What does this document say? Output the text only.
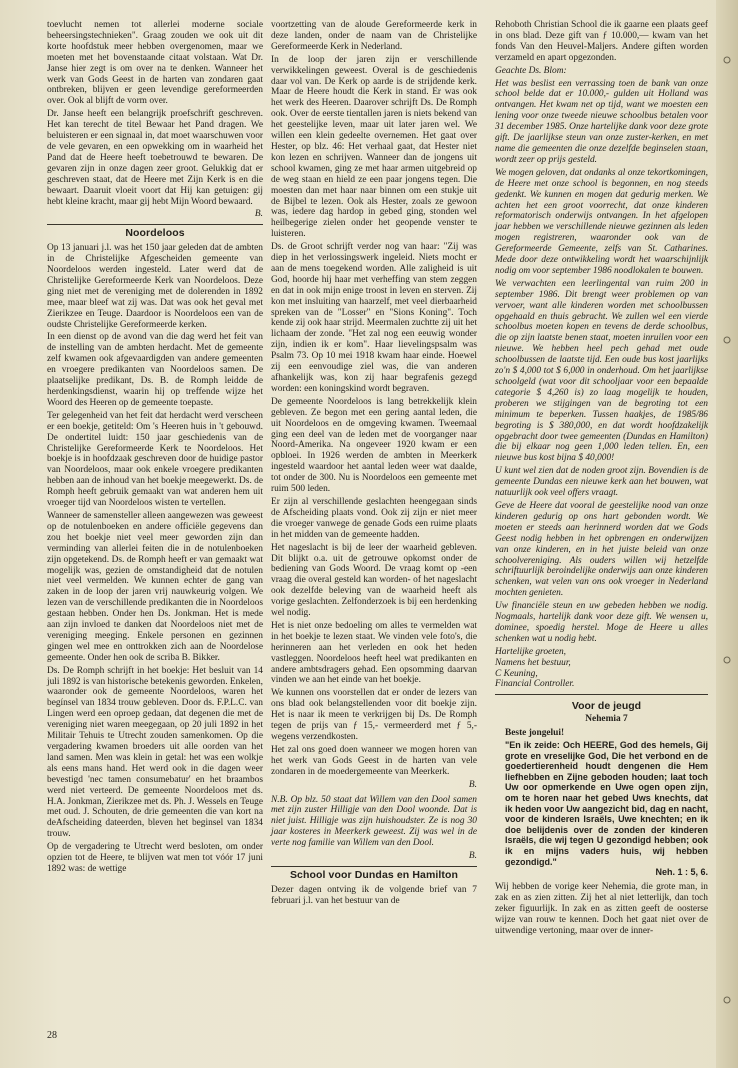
toevlucht nemen tot allerlei moderne sociale beheersingstechnieken". Graag zouden we ook uit dit korte hoofdstuk meer hebben overgenomen, maar we moeten met het bovenstaande citaat volstaan. Wat Dr. Janse hier zegt is om over na te denken. Wanneer het werk van Gods Geest in de harten van zondaren gaat ontbreken, blijven er geen levendige gereformeerden over. Ook al blijft de vorm over.

Dr. Janse heeft een belangrijk proefschrift geschreven. Het kan terecht de titel Bewaar het Pand dragen. We beluisteren er een signaal in, dat moet waarschuwen voor de vele gevaren, en een opwekking om in waarheid het Pand dat de Heere heeft toebetrouwd te bewaren. De gevaren zijn in onze dagen zeer groot. Gelukkig dat er geschreven staat, dat de Heere met Zijn Kerk is en die bewaart. Daaruit vloeit voort dat Hij kan getuigen: gij hebt kleine kracht, maar gij hebt Mijn Woord bewaard.

B.
Noordeloos

Op 13 januari j.l. was het 150 jaar geleden dat de ambten in de Christelijke Afgescheiden gemeente van Noordeloos werden ingesteld. Later werd dat de Christelijke Gereformeerde Kerk van Noordeloos. Deze ging niet met de vereniging met de dolerenden in 1892 mee, maar bleef wat zij was. Dat was ook het geval met Zierikzee en Teuge. Daardoor is Noordeloos een van de oudste Christelijke Gereformeerde kerken.

In een dienst op de avond van die dag werd het feit van de instelling van de ambten herdacht. Met de gemeente zelf kwamen ook afgevaardigden van andere gemeenten en vroegere predikanten van Noordeloos samen. De plaatselijke predikant, Ds. B. de Romph leidde de herdenkingsdienst, waarin hij op treffende wijze het Woord des Heeren op de gemeente toepaste.

Ter gelegenheid van het feit dat herdacht werd verscheen er een boekje, getiteld: Om 's Heeren huis in 't gebouwd. De ondertitel luidt: 150 jaar geschiedenis van de Christelijke Gereformeerde Kerk te Noordeloos. Het boekje is in hoofdzaak geschreven door de huidige pastor van Noordeloos, maar ook enkele vroegere predikanten hebben aan de inhoud van het boekje meegewerkt. Ds. de Romph heeft gebruik gemaakt van wat anderen hem uit vroeger tijd van Noordeloos wisten te vertellen.

Wanneer de samensteller alleen aangewezen was geweest op de notulenboeken en andere officiële gegevens dan zou het boekje niet veel meer geworden zijn dan verminding van allerlei feiten die in de notulenboeken zijn opgetekend. Ds. de Romph heeft er van gemaakt wat mogelijk was, gezien de omstandigheid dat de notulen niet veel vermelden. We kunnen echter de gang van zaken in de loop der jaren vrij nauwkeurig volgen. We lezen van de verschillende predikanten die in Noordeloos gestaan hebben. Onder hen Ds. Jonkman. Het is mede aan zijn invloed te danken dat Noordeloos niet met de vereniging meeging. Enkele personen en gezinnen gingen wel mee en onttrokken zich aan de Noordelose gemeente. Onder hen ook de scriba B. Bikker.

Ds. De Romph schrijft in het boekje: Het besluit van 14 juli 1892 is van historische betekenis geworden. Enkelen, waaronder ook de gemeente Noordeloos, waren het begínsel van 1834 trouw gebleven. Door ds. F.P.L.C. van Lingen werd een oproep gedaan, dat degenen die met de vereniging niet waren meegegaan, op 20 juli 1892 in het Militair Tehuis te Utrecht zouden samenkomen. Op die vergadering kwamen broeders uit alle oorden van het land samen. Men was klein in getal: het was een wolkje als eens mans hand. Het werd ook in die dagen weer bevestigd 'nec tamen consumebatur' en het braambos werd niet verteerd. De gemeente Noordeloos met ds. H.A. Jonkman, Zierikzee met ds. Ph. J. Wessels en Teuge met oud. J. Schouten, de drie gemeenten die van kort na deAfscheiding dateerden, bleven het beginsel van 1834 trouw.

Op de vergadering te Utrecht werd besloten, om onder opzien tot de Heere, te blijven wat men tot vóór 17 juni 1892 was: de wettige

voortzetting van de aloude Gereformeerde kerk in deze landen, onder de naam van de Christelijke Gereformeerde Kerk in Nederland.

In de loop der jaren zijn er verschillende verwikkelingen geweest. Overal is de geschiedenis daar vol van. De Kerk op aarde is de strijdende kerk. Maar de Heere houdt die Kerk in stand. Er was ook het werk des Heeren. Daarover schrijft Ds. De Romph ook. Over de eerste tientallen jaren is niets bekend van het geestelijke leven, maar uit later jaren wel. We willen een klein gedeelte overnemen. Het gaat over Hester, op blz. 46: Het verhaal gaat, dat Hester niet kon lezen en schrijven. Wanneer dan de jongens uit school kwamen, ging ze met haar armen uitgebreid op de weg staan en hield ze een paar jongens tegen. Die moesten dan met haar naar binnen om een stukje uit de Bijbel te lezen. Ook als Hester, zoals ze gewoon was, iedere dag hardop in gebed ging, stonden wel heilbegerige zielen onder het geopende venster te luisteren.

Ds. de Groot schrijft verder nog van haar: "Zij was diep in het verlossingswerk ingeleid. Niets mocht er aan de mens toegekend worden. Alle zaligheid is uit God, hoorde hij haar met verheffing van stem zeggen en dat in ook mijn enige troost in leven en sterven. Zij kon met insluiting van haarzelf, met veel dierbaarheid spreken van de "Losser" en "Sions Koning". Toch kende zij ook haar strijd. Meermalen zuchtte zij uit het lichaam der zonde. "Het zal nog een eeuwig wonder zijn, indien ik er kom". Haar lievelingspsalm was Psalm 73. Op 10 mei 1918 kwam haar einde. Hoewel zij een eenvoudige ziel was, die van anderen afhankelijk was, kon zij haar begrafenis gezegd worden: een koningskind wordt begraven.

De gemeente Noordeloos is lang betrekkelijk klein gebleven. Ze begon met een gering aantal leden, die uit Noordeloos en de omgeving kwamen. Tweemaal ging een deel van de leden met de voorganger naar Noord-Amerika. Na ongeveer 1920 kwam er een opbloei. In 1926 werden de ambten in Meerkerk ingesteld waardoor het aantal leden weer wat daalde, tot onder de 300. Nu is Noordeloos een gemeente met ruim 500 leden.

Er zijn al verschillende geslachten heengegaan sinds de Afscheiding plaats vond. Ook zij zijn er niet meer die vroeger vanwege de genade Gods een ruime plaats in het midden van de gemeente hadden.

Het nageslacht is bij de leer der waarheid gebleven. Dit blijkt o.a. uit de getrouwe opkomst onder de bediening van Gods Woord. De vraag komt op -een vraag die overal gesteld kan worden- of het nageslacht ook dezelfde beleving van de waarheid heeft als vorige geslachten. Zelfonderzoek is bij een herdenking wel nodig.

Het is niet onze bedoeling om alles te vermelden wat in het boekje te lezen staat. We vinden vele foto's, die herinneren aan het verleden en ook het heden vastleggen. Noordeloos heeft heel wat predikanten en andere ambtsdragers gehad. Een opsomming daarvan vinden we aan het einde van het boekje.

We kunnen ons voorstellen dat er onder de lezers van ons blad ook belangstellenden voor dit boekje zijn. Het is naar ik meen te verkrijgen bij Ds. De Romph tegen de prijs van ƒ 15,- vermeerderd met ƒ 5,- wegens verzendkosten.

Het zal ons goed doen wanneer we mogen horen van het werk van Gods Geest in de harten van vele zondaren in de moedergemeente van Meerkerk.

B.

N.B. Op blz. 50 staat dat Willem van den Dool samen met zijn zuster Hilligje van den Dool woonde. Dat is niet juist. Hilligje was zijn huishoudster. Ze is nog 30 jaar kosteres in Meerkerk geweest. Zij was wel in de verte nog familie van Willem van den Dool.

B.
School voor Dundas en Hamilton

Dezer dagen ontving ik de volgende brief van 7 februari j.l. van het bestuur van de

Rehoboth Christian School die ik gaarne een plaats geef in ons blad. Deze gift van ƒ 10.000,— kwam van het fonds Van den Heuvel-Maljers. Andere giften worden verzameld en apart opgezonden.

Geachte Ds. Blom:

Het was beslist een verrassing toen de bank van onze school belde dat er 10.000,- gulden uit Holland was ontvangen. Het kwam net op tijd, want we moesten een lening voor onze tweede nieuwe schoolbus betalen voor 31 december 1985. Onze hartelijke dank voor deze grote gift. De jaarlijkse steun van onze zuster-kerken, en met name die gemeenten die onze dezelfde beginselen staan, wordt zeer op prijs gesteld.

We mogen geloven, dat ondanks al onze tekortkomingen, de Heere met onze school is begonnen, en nog steeds gedenkt. We kunnen en mogen dat gedurig merken. We achten het een groot voorrecht, dat onze kinderen reformatorisch onderwijs ontvangen. In het afgelopen jaar hebben we verschillende nieuwe gezinnen als leden mogen registreren, waaronder ook van de Gereformeerde Gemeente, zelfs van St. Catharines. Mede door deze ontwikkeling wordt het waarschijnlijk nodig om voor september 1986 noodlokalen te bouwen.

We verwachten een leerlingental van ruim 200 in september 1986. Dit brengt weer problemen op van vervoer, want alle kinderen worden met schoolbussen opgehaald en thuis gebracht. We zullen wel een vierde schoolbus moeten kopen en tevens de derde schoolbus, die op zijn laatste benen staat, moeten inruilen voor een nieuwe. We hebben heel pech gehad met oude schoolbussen de laatste tijd. Een oude bus kost jaarlijks zo'n $ 4,000 tot $ 6,000 in onderhoud. Om het jaarlijkse schoolgeld (wat voor dit schooljaar voor een bepaalde categorie $ 4,260 is) zo laag mogelijk te houden, proberen we stijgingen van de begroting tot een minimum te beperken. Tussen haakjes, de 1985/86 begroting is $ 380,000, en dat wordt hoofdzakelijk opgebracht door twee gemeenten (Dundas en Hamilton) die bij elkaar nog geen 1,000 leden tellen. En, een nieuwe bus kost bijna $ 40,000!

U kunt wel zien dat de noden groot zijn. Bovendien is de gemeente Dundas een nieuwe kerk aan het bouwen, wat natuurlijk ook veel offers vraagt.

Geve de Heere dat vooral de geestelijke nood van onze kinderen gedurig op ons hart gebonden wordt. We moeten er steeds aan herinnerd worden dat we Gods Geest nodig hebben in het opbrengen en onderwijzen van onze kinderen, en in het juiste beleid van onze schoolvereniging. Als ouders willen wij hetzelfde schriftuurlijk beroindelijke onderwijs aan onze kinderen schenken, wat velen van ons ook vroeger in Nederland mochten genieten.

Uw financiële steun en uw gebeden hebben we nodig. Nogmaals, hartelijk dank voor deze gift. We wensen u, dominee, spoedig herstel. Moge de Heere u alles schenken wat u nodig hebt.

Hartelijke groeten,
Namens het bestuur,
C Keuning,
Financial Controller.
Voor de jeugd
Nehemia 7
Beste jongelui!
"En ik zeide: Och HEERE, God des hemels, Gij grote en vreselijke God, Die het verbond en de goedertierenheid houdt dengenen die Hem liefhebben en Zijne geboden houden; laat toch Uw oor opmerkende en Uwe ogen open zijn, om te horen naar het gebed Uws knechts, dat ik heden voor Uw aangezicht bid, dag en nacht, voor de kinderen Israëls, Uwe knechten; en ik doe belijdenis over de zonden der kinderen Israëls, die wij tegen U gezondigd hebben; ook ik en mijns vaders huis, wij hebben gezondigd."
Neh. 1 : 5, 6.

Wij hebben de vorige keer Nehemia, die grote man, in zak en as zien zitten. Zij het al niet letterlijk, dan toch zeker figuurlijk. In zak en as zitten geeft de oosterse wijze van rouw te kennen. Doch het gaat niet over de uitwendige vertoning, maar over de inner-

28
